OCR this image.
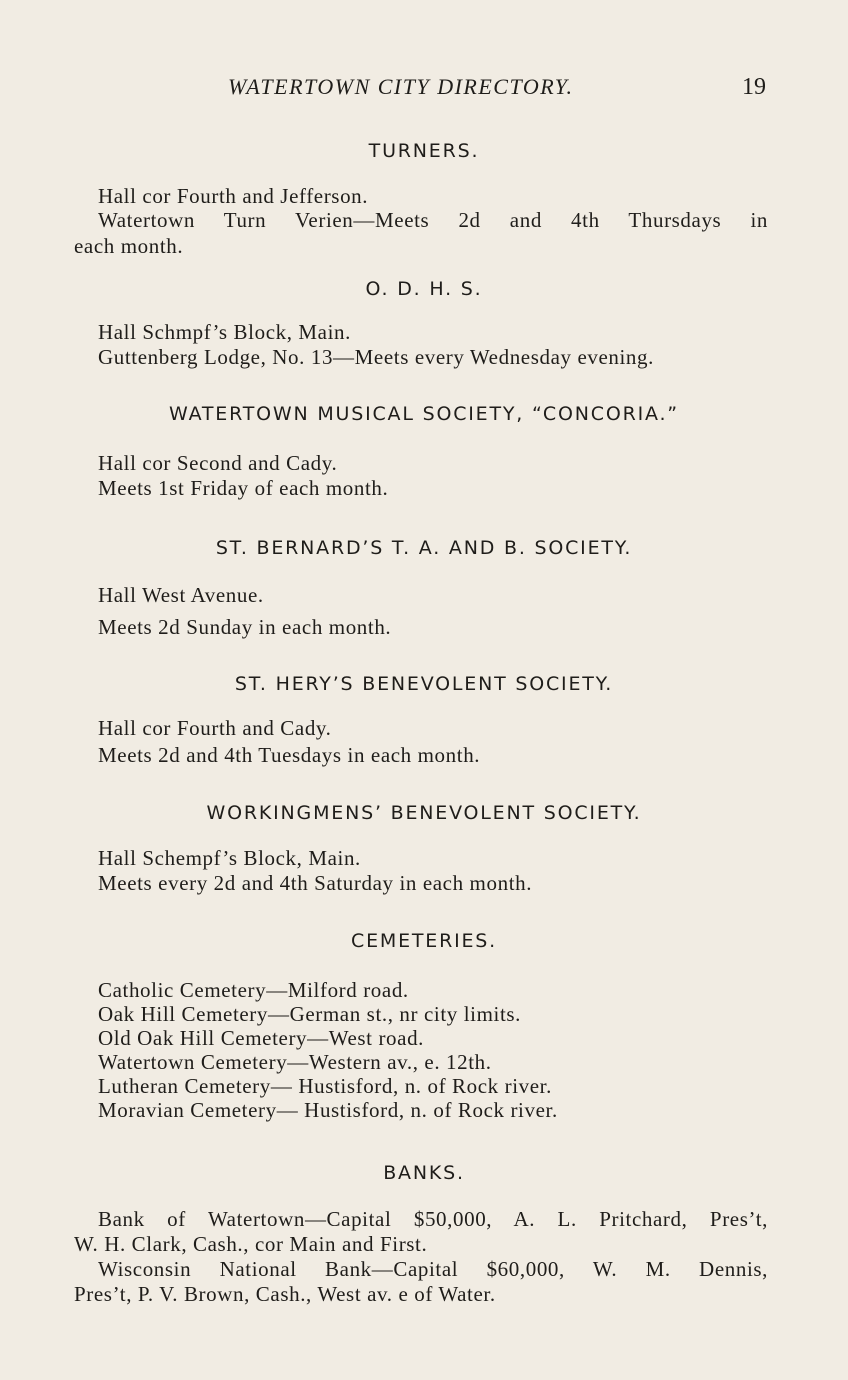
WATERTOWN CITY DIRECTORY.	19
TURNERS.
Hall cor Fourth and Jefferson.
Watertown Turn Verien—Meets 2d and 4th Thursdays in
each month.
O. D. H. S.
Hall Schmpf’s Block, Main.
Guttenberg Lodge, No. 13—Meets every Wednesday evening.
WATERTOWN MUSICAL SOCIETY, “CONCORIA.”
Hall cor Second and Cady.
Meets 1st Friday of each month.
ST. BERNARD’S T. A. AND B. SOCIETY.
Hall West Avenue.
Meets 2d Sunday in each month.
ST. HERY’S BENEVOLENT SOCIETY.
Hall cor Fourth and Cady.
Meets 2d and 4th Tuesdays in each month.
WORKINGMENS’ BENEVOLENT SOCIETY.
Hall Schempf’s Block, Main.
Meets every 2d and 4th Saturday in each month.
CEMETERIES.
Catholic Cemetery—Milford road.
Oak Hill Cemetery—German st., nr city limits.
Old Oak Hill Cemetery—West road.
Watertown Cemetery—Western av., e. 12th.
Lutheran Cemetery— Hustisford, n. of Rock river.
Moravian Cemetery— Hustisford, n. of Rock river.
BANKS.
Bank of Watertown—Capital $50,000, A. L. Pritchard, Pres’t,
W. H. Clark, Cash., cor Main and First.
Wisconsin National Bank—Capital $60,000, W. M. Dennis,
Pres’t, P. V. Brown, Cash., West av. e of Water.
